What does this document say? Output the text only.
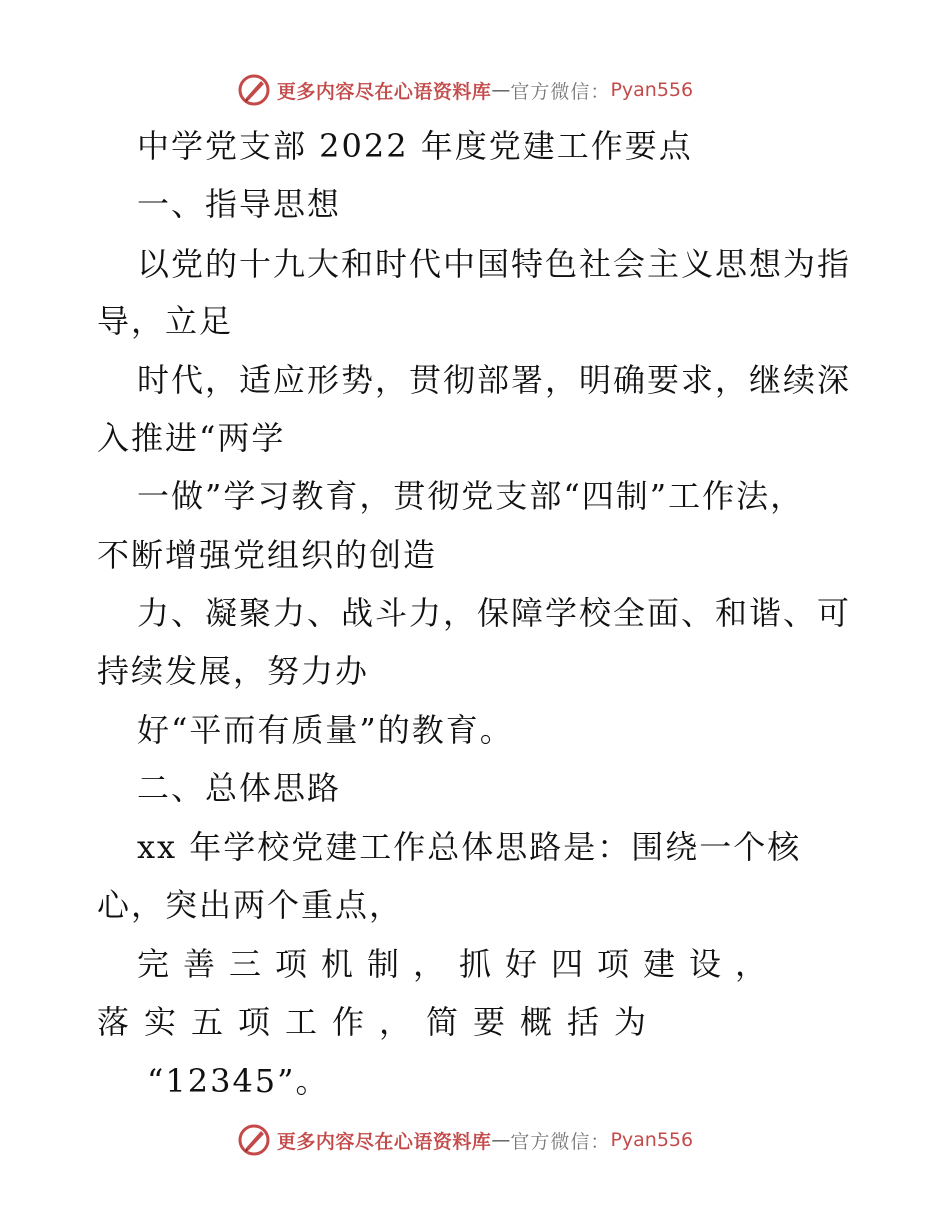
更多内容尽在心语资料库 — 官方微信： Pyan556
中学党支部 2022 年度党建工作要点
一、指导思想
以党的十九大和时代中国特色社会主义思想为指
导，立足
时代，适应形势，贯彻部署，明确要求，继续深
入推进“两学
一做”学习教育，贯彻党支部“四制”工作法，
不断增强党组织的创造
力、凝聚力、战斗力，保障学校全面、和谐、可
持续发展，努力办
好“平而有质量”的教育。
二、总体思路
xx 年学校党建工作总体思路是：围绕一个核
心，突出两个重点，
完善三项机制，抓好四项建设，
落实五项工作，简要概括为
“12345”。
更多内容尽在心语资料库 — 官方微信： Pyan556
